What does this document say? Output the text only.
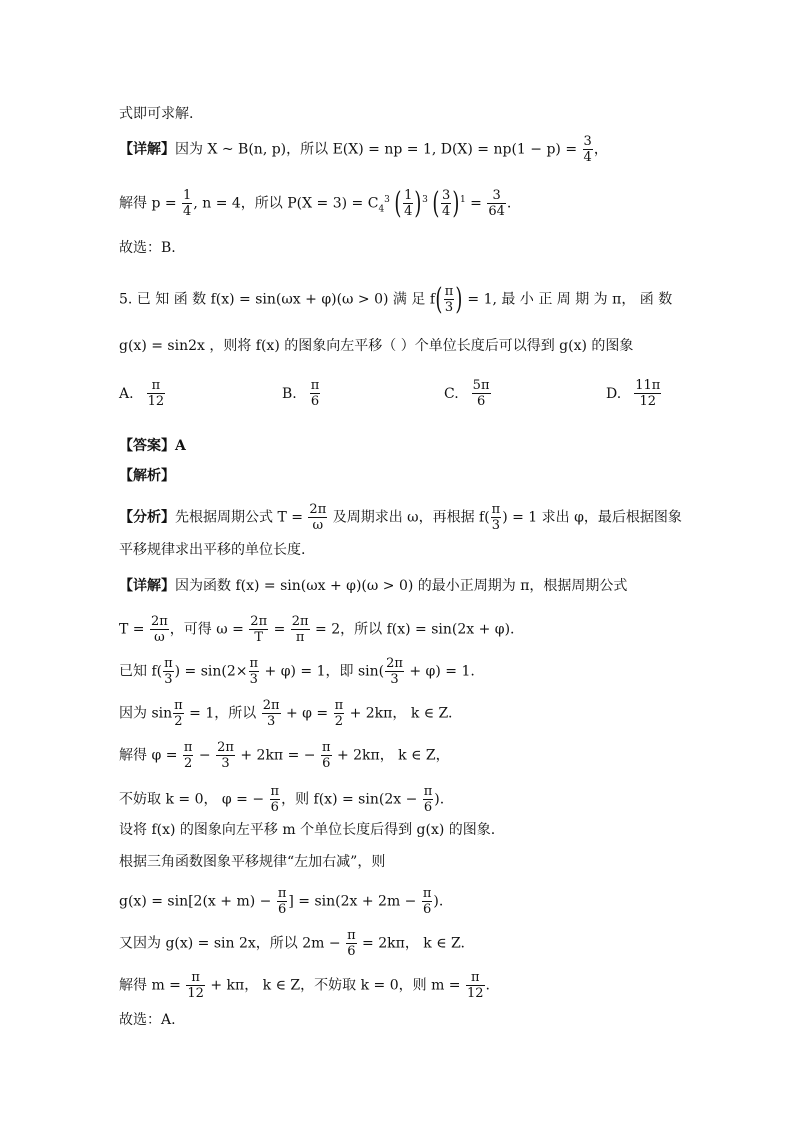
式即可求解.
【详解】因为 X ~ B(n, p)，所以 E(X) = np = 1, $D(X) = np(1 - p) = \frac{3}{4}$ ，
解得 $p = \frac{1}{4}$ , n = 4，所以 $P(X = 3) = C_4^3$ ( $\frac{1}{4} )^3$ ( $\frac{3}{4} )^1 = \frac{3}{64}$ .
故选：B.
5. 已 知 函 数 f(x) = sin(ωx + φ)(ω > 0) 满 足 $f( \frac{\pi}{3}$ ) = 1, 最 小 正 周 期 为 π， 函 数
g(x) = sin2x ，则将 f(x) 的图象向左平移（ ）个单位长度后可以得到 g(x) 的图象
A. $\frac{\pi}{12}$	B. $\frac{\pi}{6}$	C. $\frac{5\pi}{6}$	D. $\frac{11\pi}{12}$
【答案】A
【解析】
【分析】先根据周期公式 $T = \frac{2\pi}{\omega}$ 及周期求出 ω，再根据 $f( \frac{\pi}{3}$ ) = 1 求出 φ，最后根据图象
平移规律求出平移的单位长度.
【详解】因为函数 f(x) = sin(ωx + φ)(ω > 0) 的最小正周期为 π，根据周期公式
$T = \frac{2\pi}{\omega}$ ，可得 $\omega = \frac{2\pi}{T} = \frac{2\pi}{\pi} = 2$，所以 f(x) = sin(2x + φ).
已知 $f( \frac{\pi}{3}$ ) = $\sin(2\times \frac{\pi}{3} + \varphi) = 1$，即 $\sin( \frac{2\pi}{3} + \varphi) = 1$.
因为 $\sin \frac{\pi}{2} = 1$，所以 $\frac{2\pi}{3} + \varphi = \frac{\pi}{2} + 2k\pi$， k ∈ Z.
解得 $\varphi = \frac{\pi}{2} - \frac{2\pi}{3} + 2k\pi$ = − $\frac{\pi}{6} + 2k\pi$， k ∈ Z，
不妨取 k = 0， φ = − $\frac{\pi}{6}$ ，则 $f(x) = \sin(2x - \frac{\pi}{6}$ ).
设将 f(x) 的图象向左平移 m 个单位长度后得到 g(x) 的图象.
根据三角函数图象平移规律“左加右减”，则
$g(x) = \sin[2(x + m) - \frac{\pi}{6}$ ] = $\sin(2x + 2m - \frac{\pi}{6}$ ).
又因为 g(x) = sin 2x，所以 $2m - \frac{\pi}{6} = 2k\pi$， k ∈ Z.
解得 $m = \frac{\pi}{12} + k\pi$， k ∈ Z，不妨取 k = 0，则 $m = \frac{\pi}{12}$ .
故选：A.
